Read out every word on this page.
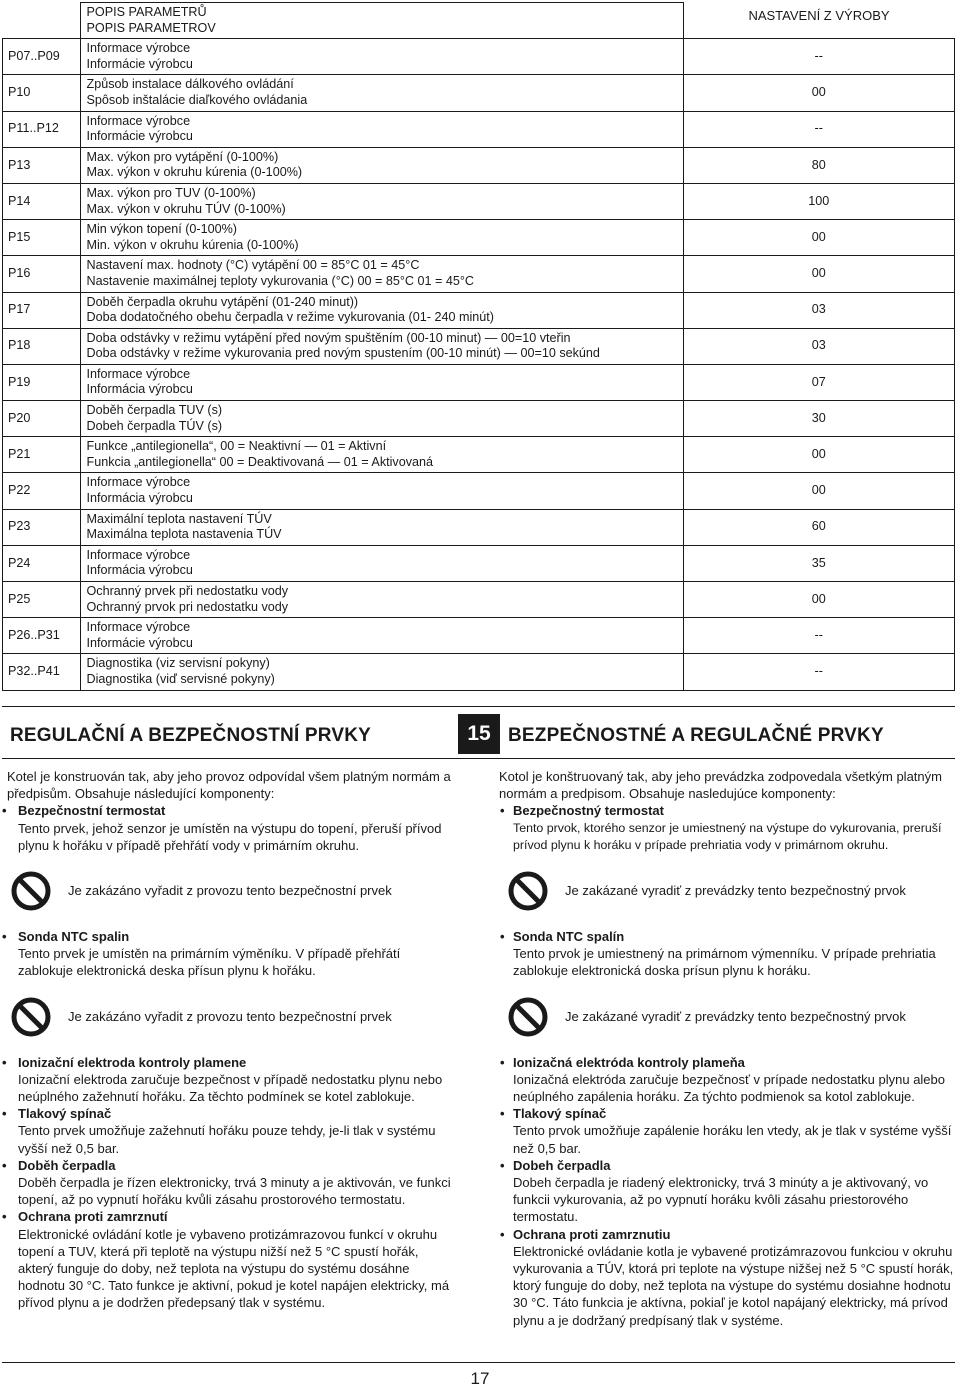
	POPIS PARAMETRŮ
POPIS PARAMETROV	NASTAVENÍ Z VÝROBY
P07..P09	Informace výrobce
Informácie výrobcu	--
P10	Způsob instalace dálkového ovládání
Spôsob inštalácie diaľkového ovládania	00
P11..P12	Informace výrobce
Informácie výrobcu	--
P13	Max. výkon pro vytápění (0-100%)
Max. výkon v okruhu kúrenia (0-100%)	80
P14	Max. výkon pro TUV (0-100%)
Max. výkon v okruhu TÚV (0-100%)	100
P15	Min výkon topení (0-100%)
Min. výkon v okruhu kúrenia (0-100%)	00
P16	Nastavení max. hodnoty (°C) vytápění 00 = 85°C 01 = 45°C
Nastavenie maximálnej teploty vykurovania (°C) 00 = 85°C 01 = 45°C	00
P17	Doběh čerpadla okruhu vytápění (01-240 minut))
Doba dodatočného obehu čerpadla v režime vykurovania (01- 240 minút)	03
P18	Doba odstávky v režimu vytápění před novým spuštěním (00-10 minut) — 00=10 vteřin
Doba odstávky v režime vykurovania pred novým spustením (00-10 minút) — 00=10 sekúnd	03
P19	Informace výrobce
Informácia výrobcu	07
P20	Doběh čerpadla TUV (s)
Dobeh čerpadla TÚV (s)	30
P21	Funkce „antilegionella“, 00 = Neaktivní — 01 = Aktivní
Funkcia „antilegionella“ 00 = Deaktivovaná — 01 = Aktivovaná	00
P22	Informace výrobce
Informácia výrobcu	00
P23	Maximální teplota nastavení TÚV
Maximálna teplota nastavenia TÚV	60
P24	Informace výrobce
Informácia výrobcu	35
P25	Ochranný prvek při nedostatku vody
Ochranný prvok pri nedostatku vody	00
P26..P31	Informace výrobce
Informácie výrobcu	--
P32..P41	Diagnostika (viz servisní pokyny)
Diagnostika (viď servisné pokyny)	--
REGULAČNÍ A BEZPEČNOSTNÍ PRVKY	15 BEZPEČNOSTNÉ A REGULAČNÉ PRVKY

Kotel je konstruován tak, aby jeho provoz odpovídal všem platným normám a předpisům. Obsahuje následující komponenty:

• Bezpečnostní termostat

Tento prvek, jehož senzor je umístěn na výstupu do topení, přeruší přívod plynu k hořáku v případě přehřátí vody v primárním okruhu.

Je zakázáno vyřadit z provozu tento bezpečnostní prvek
• Sonda NTC spalin

Tento prvek je umístěn na primárním výměníku. V případě přehřátí zablokuje elektronická deska přísun plynu k hořáku.

Je zakázáno vyřadit z provozu tento bezpečnostní prvek
• Ionizační elektroda kontroly plamene

Ionizační elektroda zaručuje bezpečnost v případě nedostatku plynu nebo neúplného zažehnutí hořáku. Za těchto podmínek se kotel zablokuje.

• Tlakový spínač

Tento prvek umožňuje zažehnutí hořáku pouze tehdy, je-li tlak v systému vyšší než 0,5 bar.

• Doběh čerpadla

Doběh čerpadla je řízen elektronicky, trvá 3 minuty a je aktivován, ve funkci topení, až po vypnutí hořáku kvůli zásahu prostorového termostatu.

• Ochrana proti zamrznutí

Elektronické ovládání kotle je vybaveno protizámrazovou funkcí v okruhu topení a TUV, která při teplotě na výstupu nižší než 5 °C spustí hořák, akterý funguje do doby, než teplota na výstupu do systému dosáhne hodnotu 30 °C. Tato funkce je aktivní, pokud je kotel napájen elektricky, má přívod plynu a je dodržen předepsaný tlak v systému.

Kotol je konštruovaný tak, aby jeho prevádzka zodpovedala všetkým platným normám a predpisom. Obsahuje nasledujúce komponenty:

• Bezpečnostný termostat

Tento prvok, ktorého senzor je umiestnený na výstupe do vykurovania, preruší prívod plynu k horáku v prípade prehriatia vody v primárnom okruhu.

Je zakázané vyradiť z prevádzky tento bezpečnostný prvok
• Sonda NTC spalín

Tento prvok je umiestnený na primárnom výmenníku. V prípade prehriatia zablokuje elektronická doska prísun plynu k horáku.

Je zakázané vyradiť z prevádzky tento bezpečnostný prvok
• Ionizačná elektróda kontroly plameňa

Ionizačná elektróda zaručuje bezpečnosť v prípade nedostatku plynu alebo neúplného zapálenia horáku. Za týchto podmienok sa kotol zablokuje.

• Tlakový spínač

Tento prvok umožňuje zapálenie horáku len vtedy, ak je tlak v systéme vyšší než 0,5 bar.

• Dobeh čerpadla

Dobeh čerpadla je riadený elektronicky, trvá 3 minúty a je aktivovaný, vo funkcii vykurovania, až po vypnutí horáku kvôli zásahu priestorového termostatu.

• Ochrana proti zamrznutiu

Elektronické ovládanie kotla je vybavené protizámrazovou funkciou v okruhu vykurovania a TÚV, ktorá pri teplote na výstupe nižšej než 5 °C spustí horák, ktorý funguje do doby, než teplota na výstupe do systému dosiahne hodnotu 30 °C. Táto funkcia je aktívna, pokiaľ je kotol napájaný elektricky, má prívod plynu a je dodržaný predpísaný tlak v systéme.

17
